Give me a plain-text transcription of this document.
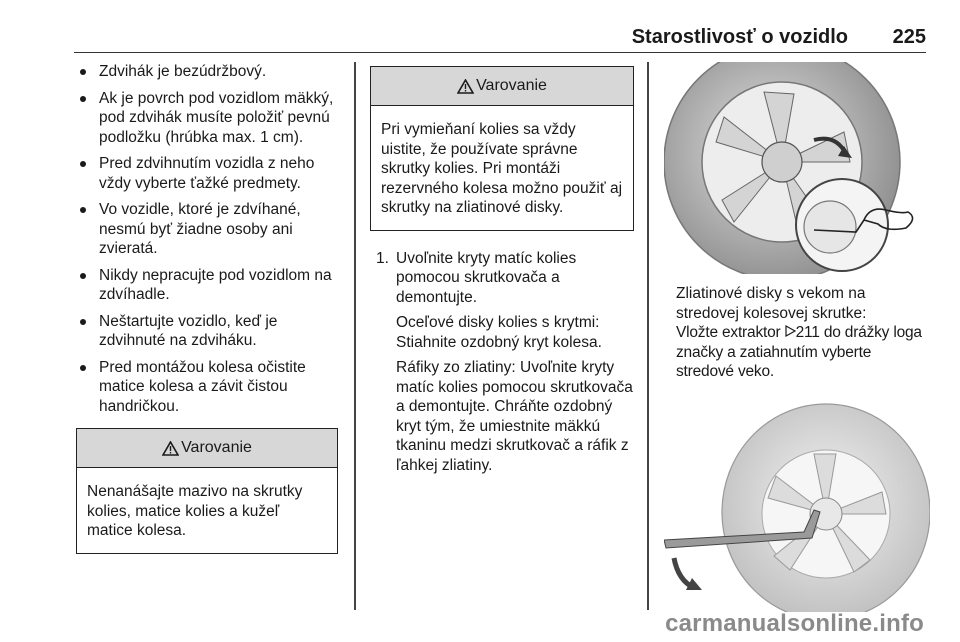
Starostlivosť o vozidlo 225
Zdvihák je bezúdržbový.
Ak je povrch pod vozidlom mäkký, pod zdvihák musíte položiť pevnú podložku (hrúbka max. 1 cm).
Pred zdvihnutím vozidla z neho vždy vyberte ťažké predmety.
Vo vozidle, ktoré je zdvíhané, nesmú byť žiadne osoby ani zvieratá.
Nikdy nepracujte pod vozidlom na zdvíhadle.
Neštartujte vozidlo, keď je zdvihnuté na zdviháku.
Pred montážou kolesa očistite matice kolesa a závit čistou handričkou.
Varovanie
Nenanášajte mazivo na skrutky kolies, matice kolies a kužeľ matice kolesa.
Varovanie
Pri vymieňaní kolies sa vždy uistite, že používate správne skrutky kolies. Pri montáži rezervného kolesa možno použiť aj skrutky na zliatinové disky.
1. Uvoľnite kryty matíc kolies pomocou skrutkovača a demontujte.

Oceľové disky kolies s krytmi: Stiahnite ozdobný kryt kolesa.

Ráfiky zo zliatiny: Uvoľnite kryty matíc kolies pomocou skrutkovača a demontujte. Chráňte ozdobný kryt tým, že umiestnite mäkkú tkaninu medzi skrutkovač a ráfik z ľahkej zliatiny.

Zliatinové disky s vekom na stredovej kolesovej skrutke:
Vložte extraktor 211 do drážky loga značky a zatiahnutím vyberte stredové veko.
carmanualsonline.info
